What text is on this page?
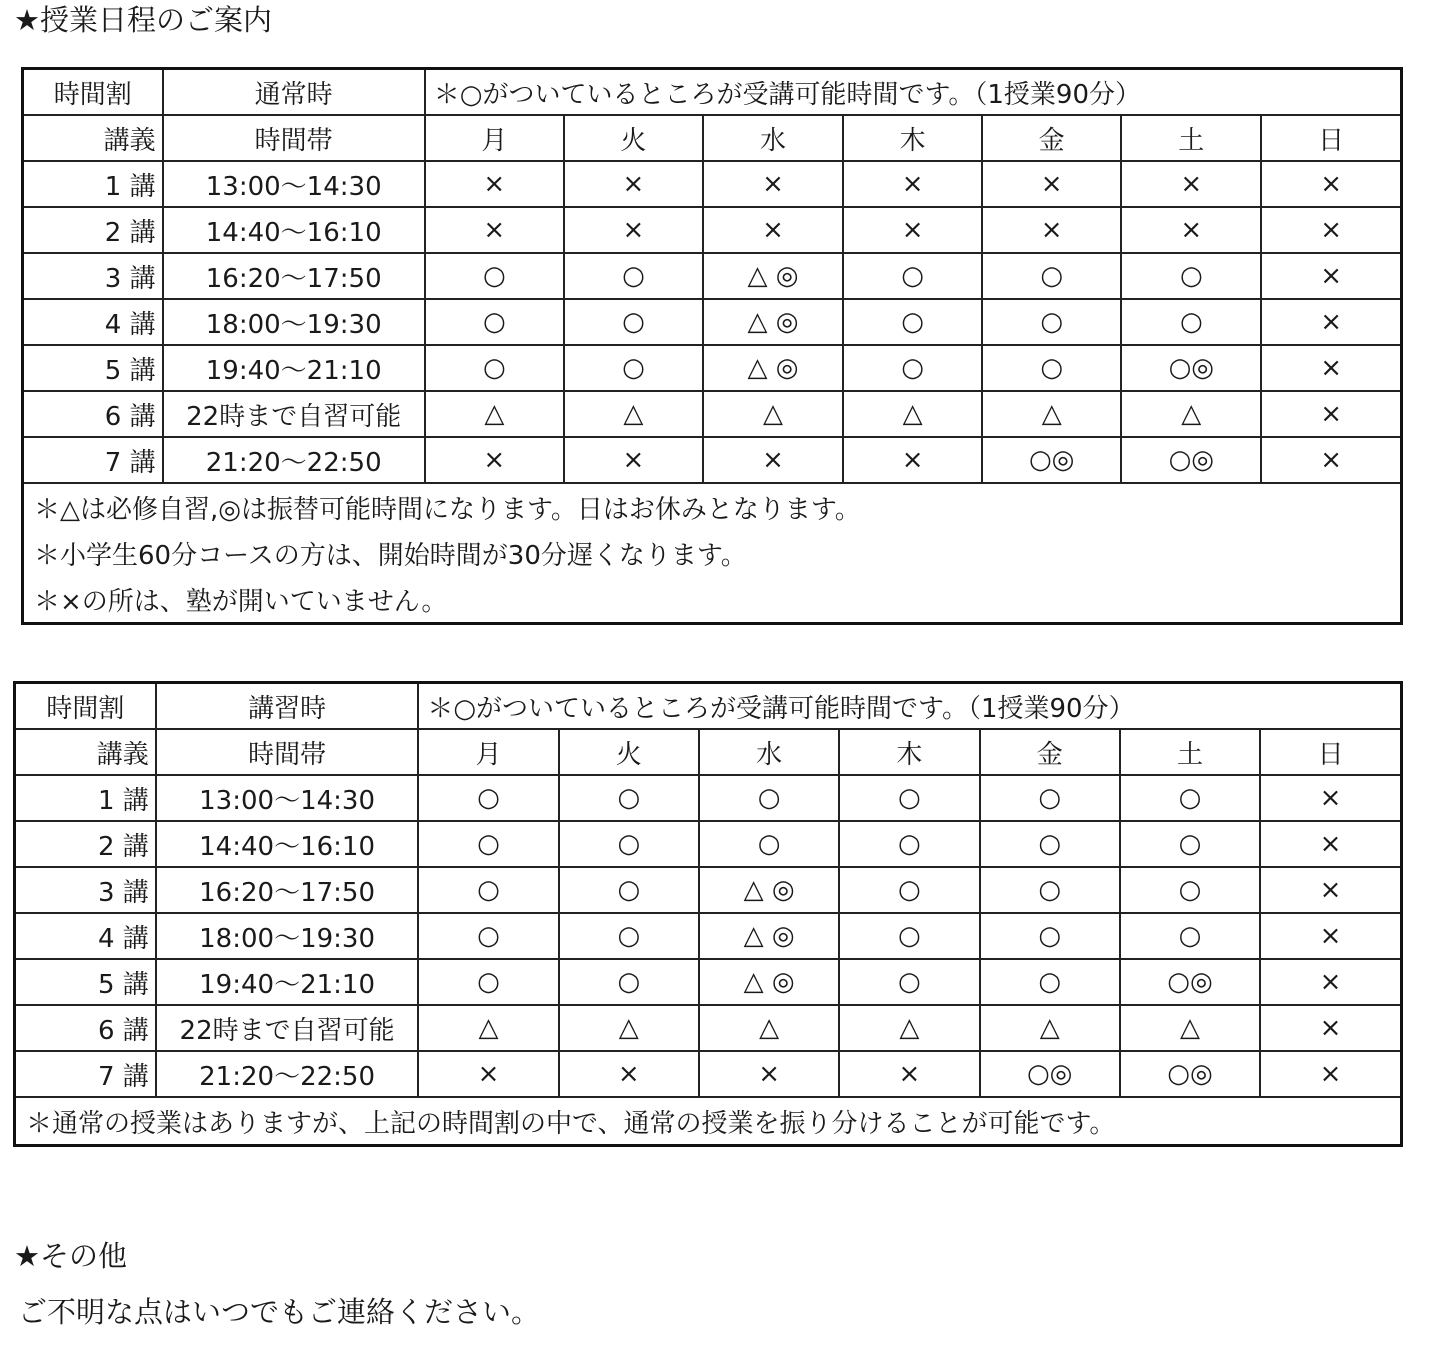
★授業日程のご案内
時間割	通常時	＊○がついているところが受講可能時間です。（1授業90分）						
講義	時間帯	月	火	水	木	金	土	日
1 講	13:00～14:30	×	×	×	×	×	×	×
2 講	14:40～16:10	×	×	×	×	×	×	×
3 講	16:20～17:50	○	○	△ ◎	○	○	○	×
4 講	18:00～19:30	○	○	△ ◎	○	○	○	×
5 講	19:40～21:10	○	○	△ ◎	○	○	○◎	×
6 講	22時まで自習可能	△	△	△	△	△	△	×
7 講	21:20～22:50	×	×	×	×	○◎	○◎	×
＊△は必修自習,◎は振替可能時間になります。日はお休みとなります。								
＊小学生60分コースの方は、開始時間が30分遅くなります。								
＊×の所は、塾が開いていません。								
時間割	講習時	＊○がついているところが受講可能時間です。（1授業90分）						
講義	時間帯	月	火	水	木	金	土	日
1 講	13:00～14:30	○	○	○	○	○	○	×
2 講	14:40～16:10	○	○	○	○	○	○	×
3 講	16:20～17:50	○	○	△ ◎	○	○	○	×
4 講	18:00～19:30	○	○	△ ◎	○	○	○	×
5 講	19:40～21:10	○	○	△ ◎	○	○	○◎	×
6 講	22時まで自習可能	△	△	△	△	△	△	×
7 講	21:20～22:50	×	×	×	×	○◎	○◎	×
＊通常の授業はありますが、上記の時間割の中で、通常の授業を振り分けることが可能です。								
★その他
ご不明な点はいつでもご連絡ください。
